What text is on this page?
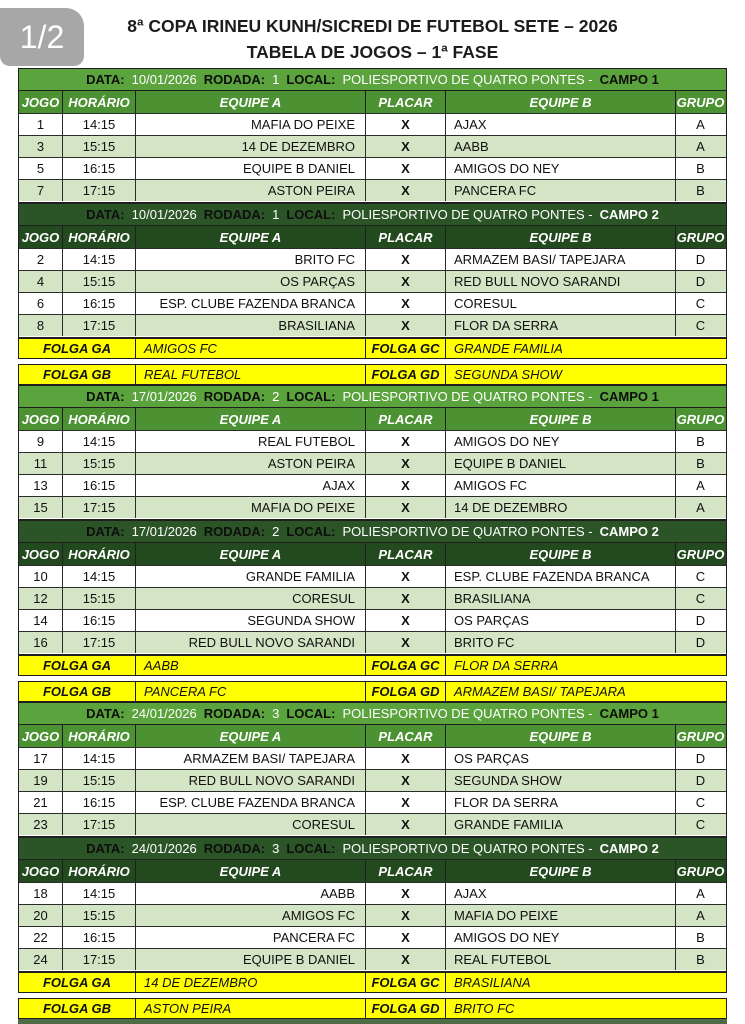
1/2	8ª COPA IRINEU KUNH/SICREDI DE FUTEBOL SETE – 2026
TABELA DE JOGOS – 1ª FASE
DATA: 10/01/2026 RODADA: 1 LOCAL: POLIESPORTIVO DE QUATRO PONTES - CAMPO 1
JOGO HORÁRIO	EQUIPE A	PLACAR	EQUIPE B	GRUPO
1	14:15	MAFIA DO PEIXE	X	AJAX	A
3	15:15	14 DE DEZEMBRO	X	AABB	A
5	16:15	EQUIPE B DANIEL	X	AMIGOS DO NEY	B
7	17:15	ASTON PEIRA	X	PANCERA FC	B
DATA: 10/01/2026 RODADA: 1 LOCAL: POLIESPORTIVO DE QUATRO PONTES - CAMPO 2
JOGO HORÁRIO	EQUIPE A	PLACAR	EQUIPE B	GRUPO
2	14:15	BRITO FC	X	ARMAZEM BASI/ TAPEJARA	D
4	15:15	OS PARÇAS	X	RED BULL NOVO SARANDI	D
6	16:15	ESP. CLUBE FAZENDA BRANCA	X	CORESUL	C
8	17:15	BRASILIANA	X	FLOR DA SERRA	C
FOLGA GA	AMIGOS FC	FOLGA GC	GRANDE FAMILIA
FOLGA GB	REAL FUTEBOL	FOLGA GD	SEGUNDA SHOW
DATA: 17/01/2026 RODADA: 2 LOCAL: POLIESPORTIVO DE QUATRO PONTES - CAMPO 1
JOGO HORÁRIO	EQUIPE A	PLACAR	EQUIPE B	GRUPO
9	14:15	REAL FUTEBOL	X	AMIGOS DO NEY	B
11	15:15	ASTON PEIRA	X	EQUIPE B DANIEL	B
13	16:15	AJAX	X	AMIGOS FC	A
15	17:15	MAFIA DO PEIXE	X	14 DE DEZEMBRO	A
DATA: 17/01/2026 RODADA: 2 LOCAL: POLIESPORTIVO DE QUATRO PONTES - CAMPO 2
JOGO HORÁRIO	EQUIPE A	PLACAR	EQUIPE B	GRUPO
10	14:15	GRANDE FAMILIA	X	ESP. CLUBE FAZENDA BRANCA	C
12	15:15	CORESUL	X	BRASILIANA	C
14	16:15	SEGUNDA SHOW	X	OS PARÇAS	D
16	17:15	RED BULL NOVO SARANDI	X	BRITO FC	D
FOLGA GA	AABB	FOLGA GC	FLOR DA SERRA
FOLGA GB	PANCERA FC	FOLGA GD	ARMAZEM BASI/ TAPEJARA
DATA: 24/01/2026 RODADA: 3 LOCAL: POLIESPORTIVO DE QUATRO PONTES - CAMPO 1
JOGO HORÁRIO	EQUIPE A	PLACAR	EQUIPE B	GRUPO
17	14:15	ARMAZEM BASI/ TAPEJARA	X	OS PARÇAS	D
19	15:15	RED BULL NOVO SARANDI	X	SEGUNDA SHOW	D
21	16:15	ESP. CLUBE FAZENDA BRANCA	X	FLOR DA SERRA	C
23	17:15	CORESUL	X	GRANDE FAMILIA	C
DATA: 24/01/2026 RODADA: 3 LOCAL: POLIESPORTIVO DE QUATRO PONTES - CAMPO 2
JOGO HORÁRIO	EQUIPE A	PLACAR	EQUIPE B	GRUPO
18	14:15	AABB	X	AJAX	A
20	15:15	AMIGOS FC	X	MAFIA DO PEIXE	A
22	16:15	PANCERA FC	X	AMIGOS DO NEY	B
24	17:15	EQUIPE B DANIEL	X	REAL FUTEBOL	B
FOLGA GA	14 DE DEZEMBRO	FOLGA GC	BRASILIANA
FOLGA GB	ASTON PEIRA	FOLGA GD	BRITO FC
